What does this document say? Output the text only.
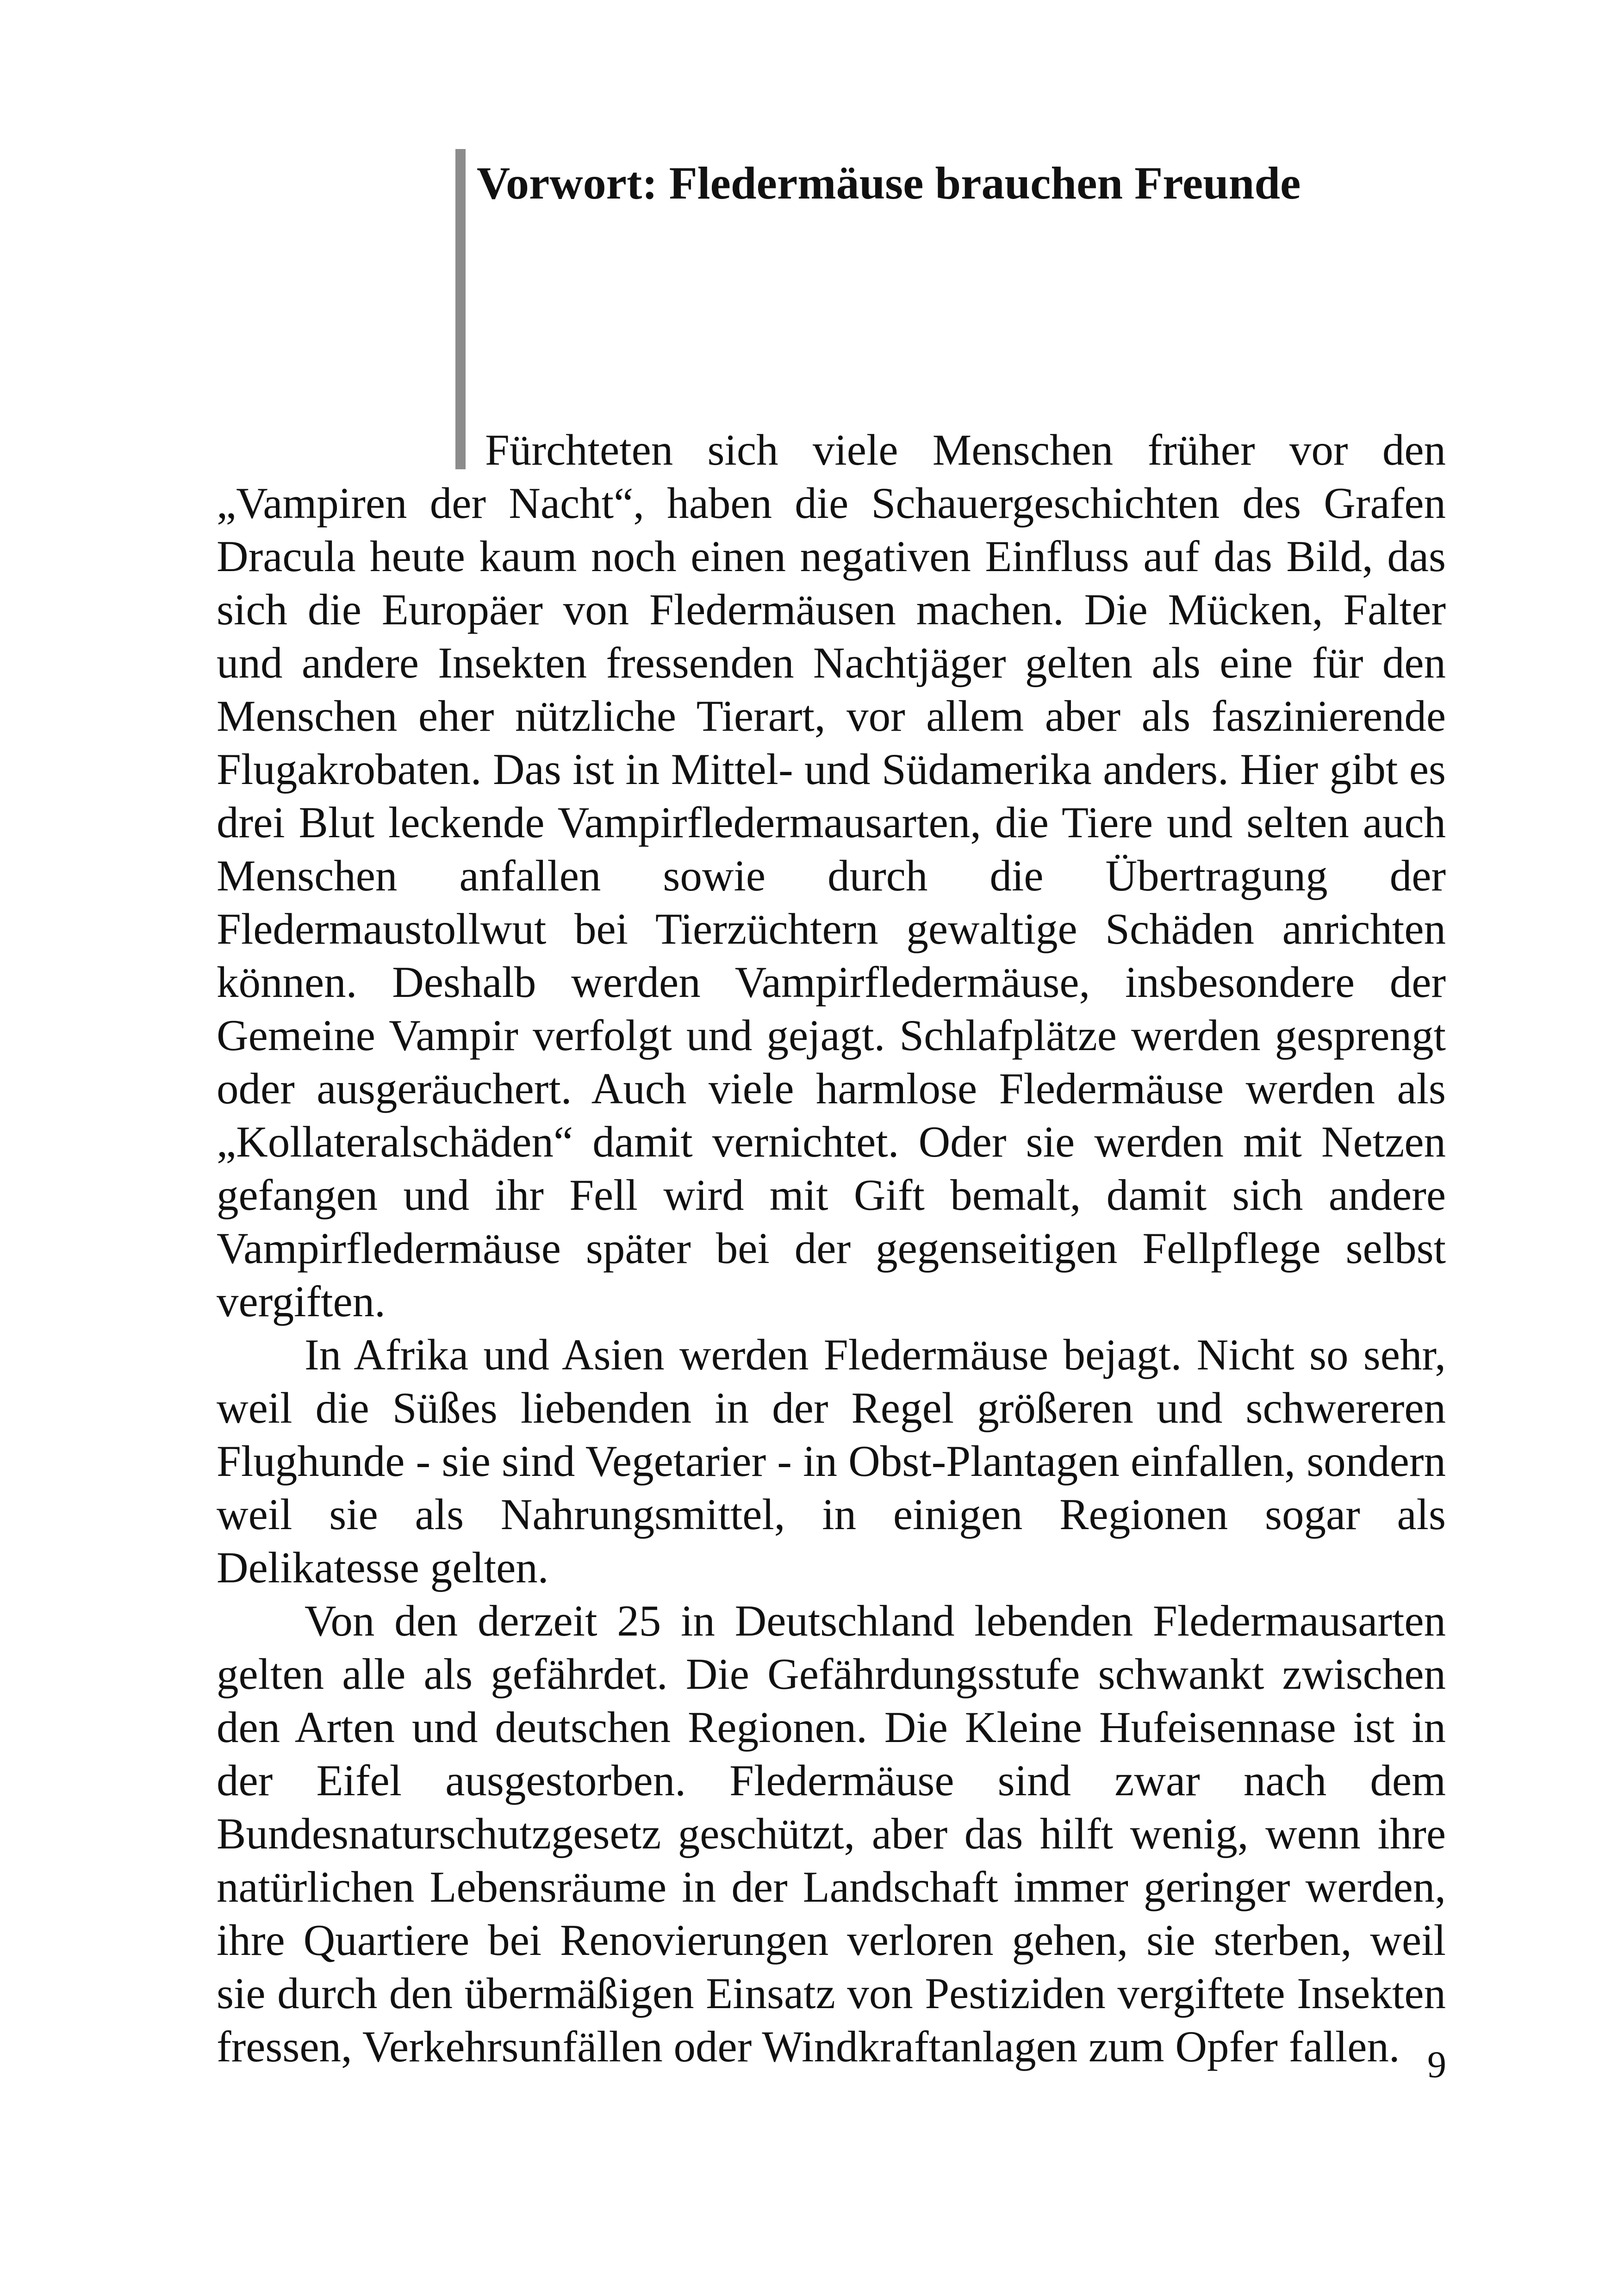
Vorwort: Fledermäuse brauchen Freunde

Fürchteten sich viele Menschen früher vor den „Vampiren der Nacht“, haben die Schauergeschichten des Grafen Dracula heute kaum noch einen negativen Einfluss auf das Bild, das sich die Europäer von Fledermäusen machen. Die Mücken, Falter und andere Insekten fressenden Nachtjäger gelten als eine für den Menschen eher nützliche Tierart, vor allem aber als faszinierende Flugakrobaten. Das ist in Mittel- und Südamerika anders. Hier gibt es drei Blut leckende Vampirfledermausarten, die Tiere und selten auch Menschen anfallen sowie durch die Übertragung der Fledermaustollwut bei Tierzüchtern gewaltige Schäden anrichten können. Deshalb werden Vampirfledermäuse, insbesondere der Gemeine Vampir verfolgt und gejagt. Schlafplätze werden gesprengt oder ausgeräuchert. Auch viele harmlose Fledermäuse werden als „Kollateralschäden“ damit vernichtet. Oder sie werden mit Netzen gefangen und ihr Fell wird mit Gift bemalt, damit sich andere Vampirfledermäuse später bei der gegenseitigen Fellpflege selbst vergiften.

In Afrika und Asien werden Fledermäuse bejagt. Nicht so sehr, weil die Süßes liebenden in der Regel größeren und schwereren Flughunde - sie sind Vegetarier - in Obst-Plantagen einfallen, sondern weil sie als Nahrungsmittel, in einigen Regionen sogar als Delikatesse gelten.

Von den derzeit 25 in Deutschland lebenden Fledermausarten gelten alle als gefährdet. Die Gefährdungsstufe schwankt zwischen den Arten und deutschen Regionen. Die Kleine Hufeisennase ist in der Eifel ausgestorben. Fledermäuse sind zwar nach dem Bundesnaturschutzgesetz geschützt, aber das hilft wenig, wenn ihre natürlichen Lebensräume in der Landschaft immer geringer werden, ihre Quartiere bei Renovierungen verloren gehen, sie sterben, weil sie durch den übermäßigen Einsatz von Pestiziden vergiftete Insekten fressen, Verkehrsunfällen oder Windkraftanlagen zum Opfer fallen. 9
